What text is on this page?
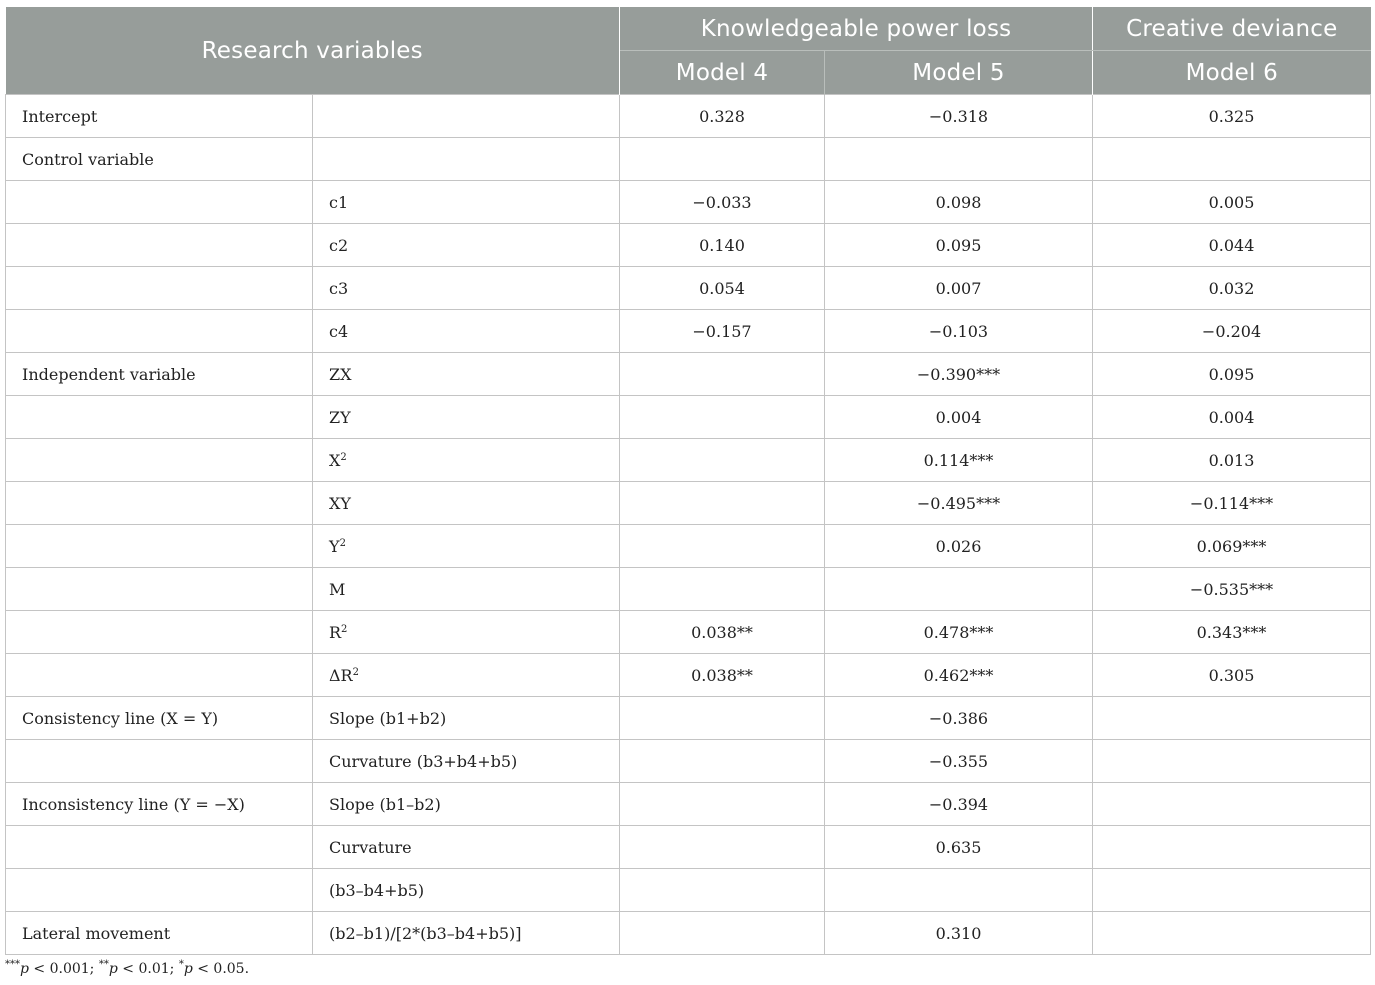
Research variables		Knowledgeable power loss		Creative deviance
		Model 4	Model 5	Model 6
Intercept		0.328	−0.318	0.325
Control variable				
	c1	−0.033	0.098	0.005
	c2	0.140	0.095	0.044
	c3	0.054	0.007	0.032
	c4	−0.157	−0.103	−0.204
Independent variable	ZX		−0.390***	0.095
	ZY		0.004	0.004
	$X^2$		0.114***	0.013
	XY		−0.495***	−0.114***
	$Y^2$		0.026	0.069***
	M			−0.535***
	$R^2$	0.038**	0.478***	0.343***
	$\Delta R^2$	0.038**	0.462***	0.305
Consistency line (X = Y)	Slope (b1+b2)		−0.386	
	Curvature (b3+b4+b5)		−0.355	
Inconsistency line (Y = −X)	Slope (b1–b2)		−0.394	
	Curvature		0.635	
	(b3–b4+b5)			
Lateral movement	(b2–b1)/[2*(b3–b4+b5)]		0.310	
***p < 0.001; **p < 0.01; *p < 0.05.
